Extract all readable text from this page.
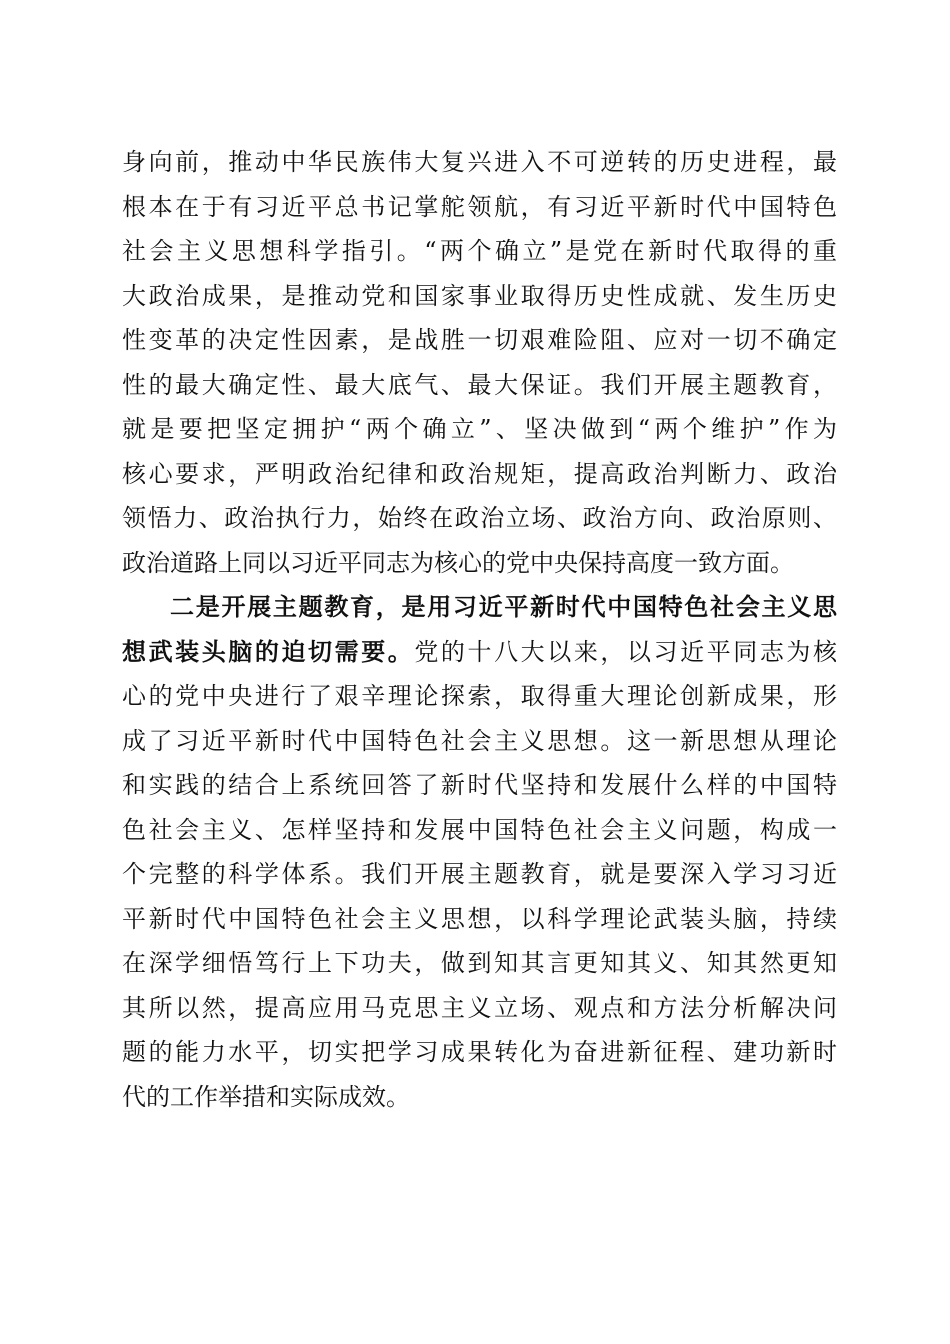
身向前，推动中华民族伟大复兴进入不可逆转的历史进程，最
根本在于有习近平总书记掌舵领航，有习近平新时代中国特色
社会主义思想科学指引。“两个确立”是党在新时代取得的重
大政治成果，是推动党和国家事业取得历史性成就、发生历史
性变革的决定性因素，是战胜一切艰难险阻、应对一切不确定
性的最大确定性、最大底气、最大保证。我们开展主题教育，
就是要把坚定拥护“两个确立”、坚决做到“两个维护”作为
核心要求，严明政治纪律和政治规矩，提高政治判断力、政治
领悟力、政治执行力，始终在政治立场、政治方向、政治原则、
政治道路上同以习近平同志为核心的党中央保持高度一致方面。
二是开展主题教育，是用习近平新时代中国特色社会主义思
想武装头脑的迫切需要。党的十八大以来，以习近平同志为核
心的党中央进行了艰辛理论探索，取得重大理论创新成果，形
成了习近平新时代中国特色社会主义思想。这一新思想从理论
和实践的结合上系统回答了新时代坚持和发展什么样的中国特
色社会主义、怎样坚持和发展中国特色社会主义问题，构成一
个完整的科学体系。我们开展主题教育，就是要深入学习习近
平新时代中国特色社会主义思想，以科学理论武装头脑，持续
在深学细悟笃行上下功夫，做到知其言更知其义、知其然更知
其所以然，提高应用马克思主义立场、观点和方法分析解决问
题的能力水平，切实把学习成果转化为奋进新征程、建功新时
代的工作举措和实际成效。
